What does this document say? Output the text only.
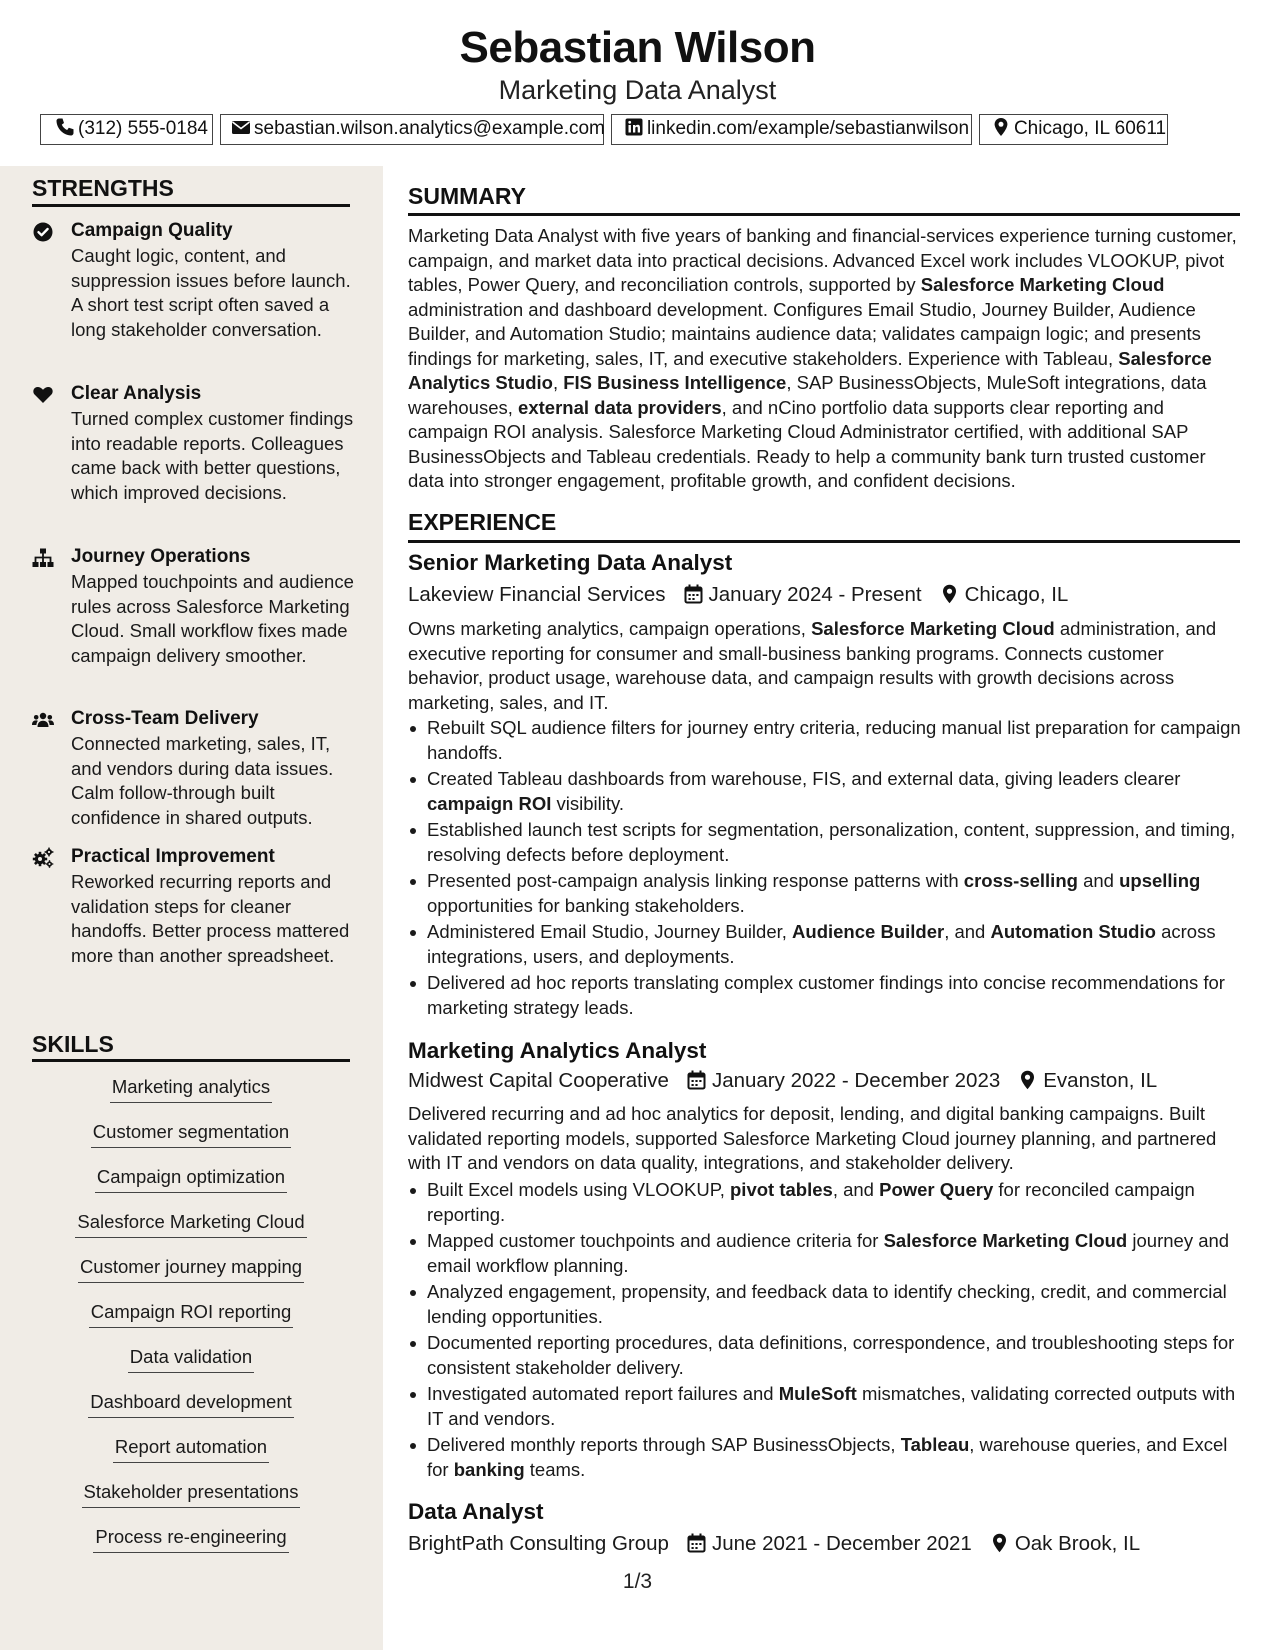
Sebastian Wilson
Marketing Data Analyst
(312) 555-0184	sebastian.wilson.analytics@example.com	linkedin.com/example/sebastianwilson	Chicago, IL 60611
STRENGTHS
Campaign Quality
Caught logic, content, and suppression issues before launch. A short test script often saved a long stakeholder conversation.
Clear Analysis
Turned complex customer findings into readable reports. Colleagues came back with better questions, which improved decisions.
Journey Operations
Mapped touchpoints and audience rules across Salesforce Marketing Cloud. Small workflow fixes made campaign delivery smoother.
Cross-Team Delivery
Connected marketing, sales, IT, and vendors during data issues. Calm follow-through built confidence in shared outputs.
Practical Improvement
Reworked recurring reports and validation steps for cleaner handoffs. Better process mattered more than another spreadsheet.
SKILLS
Marketing analytics
Customer segmentation
Campaign optimization
Salesforce Marketing Cloud
Customer journey mapping
Campaign ROI reporting
Data validation
Dashboard development
Report automation
Stakeholder presentations
Process re-engineering
SUMMARY
Marketing Data Analyst with five years of banking and financial-services experience turning customer, campaign, and market data into practical decisions. Advanced Excel work includes VLOOKUP, pivot tables, Power Query, and reconciliation controls, supported by Salesforce Marketing Cloud administration and dashboard development. Configures Email Studio, Journey Builder, Audience Builder, and Automation Studio; maintains audience data; validates campaign logic; and presents findings for marketing, sales, IT, and executive stakeholders. Experience with Tableau, Salesforce Analytics Studio, FIS Business Intelligence, SAP BusinessObjects, MuleSoft integrations, data warehouses, external data providers, and nCino portfolio data supports clear reporting and campaign ROI analysis. Salesforce Marketing Cloud Administrator certified, with additional SAP BusinessObjects and Tableau credentials. Ready to help a community bank turn trusted customer data into stronger engagement, profitable growth, and confident decisions.
EXPERIENCE
Senior Marketing Data Analyst
Lakeview Financial Services January 2024 - Present Chicago, IL
Owns marketing analytics, campaign operations, Salesforce Marketing Cloud administration, and executive reporting for consumer and small-business banking programs. Connects customer behavior, product usage, warehouse data, and campaign results with growth decisions across marketing, sales, and IT.
Rebuilt SQL audience filters for journey entry criteria, reducing manual list preparation for campaign handoffs.
Created Tableau dashboards from warehouse, FIS, and external data, giving leaders clearer campaign ROI visibility.
Established launch test scripts for segmentation, personalization, content, suppression, and timing, resolving defects before deployment.
Presented post-campaign analysis linking response patterns with cross-selling and upselling opportunities for banking stakeholders.
Administered Email Studio, Journey Builder, Audience Builder, and Automation Studio across integrations, users, and deployments.
Delivered ad hoc reports translating complex customer findings into concise recommendations for marketing strategy leads.
Marketing Analytics Analyst
Midwest Capital Cooperative January 2022 - December 2023 Evanston, IL
Delivered recurring and ad hoc analytics for deposit, lending, and digital banking campaigns. Built validated reporting models, supported Salesforce Marketing Cloud journey planning, and partnered with IT and vendors on data quality, integrations, and stakeholder delivery.
Built Excel models using VLOOKUP, pivot tables, and Power Query for reconciled campaign reporting.
Mapped customer touchpoints and audience criteria for Salesforce Marketing Cloud journey and email workflow planning.
Analyzed engagement, propensity, and feedback data to identify checking, credit, and commercial lending opportunities.
Documented reporting procedures, data definitions, correspondence, and troubleshooting steps for consistent stakeholder delivery.
Investigated automated report failures and MuleSoft mismatches, validating corrected outputs with IT and vendors.
Delivered monthly reports through SAP BusinessObjects, Tableau, warehouse queries, and Excel for banking teams.
Data Analyst
BrightPath Consulting Group June 2021 - December 2021 Oak Brook, IL
1/3
